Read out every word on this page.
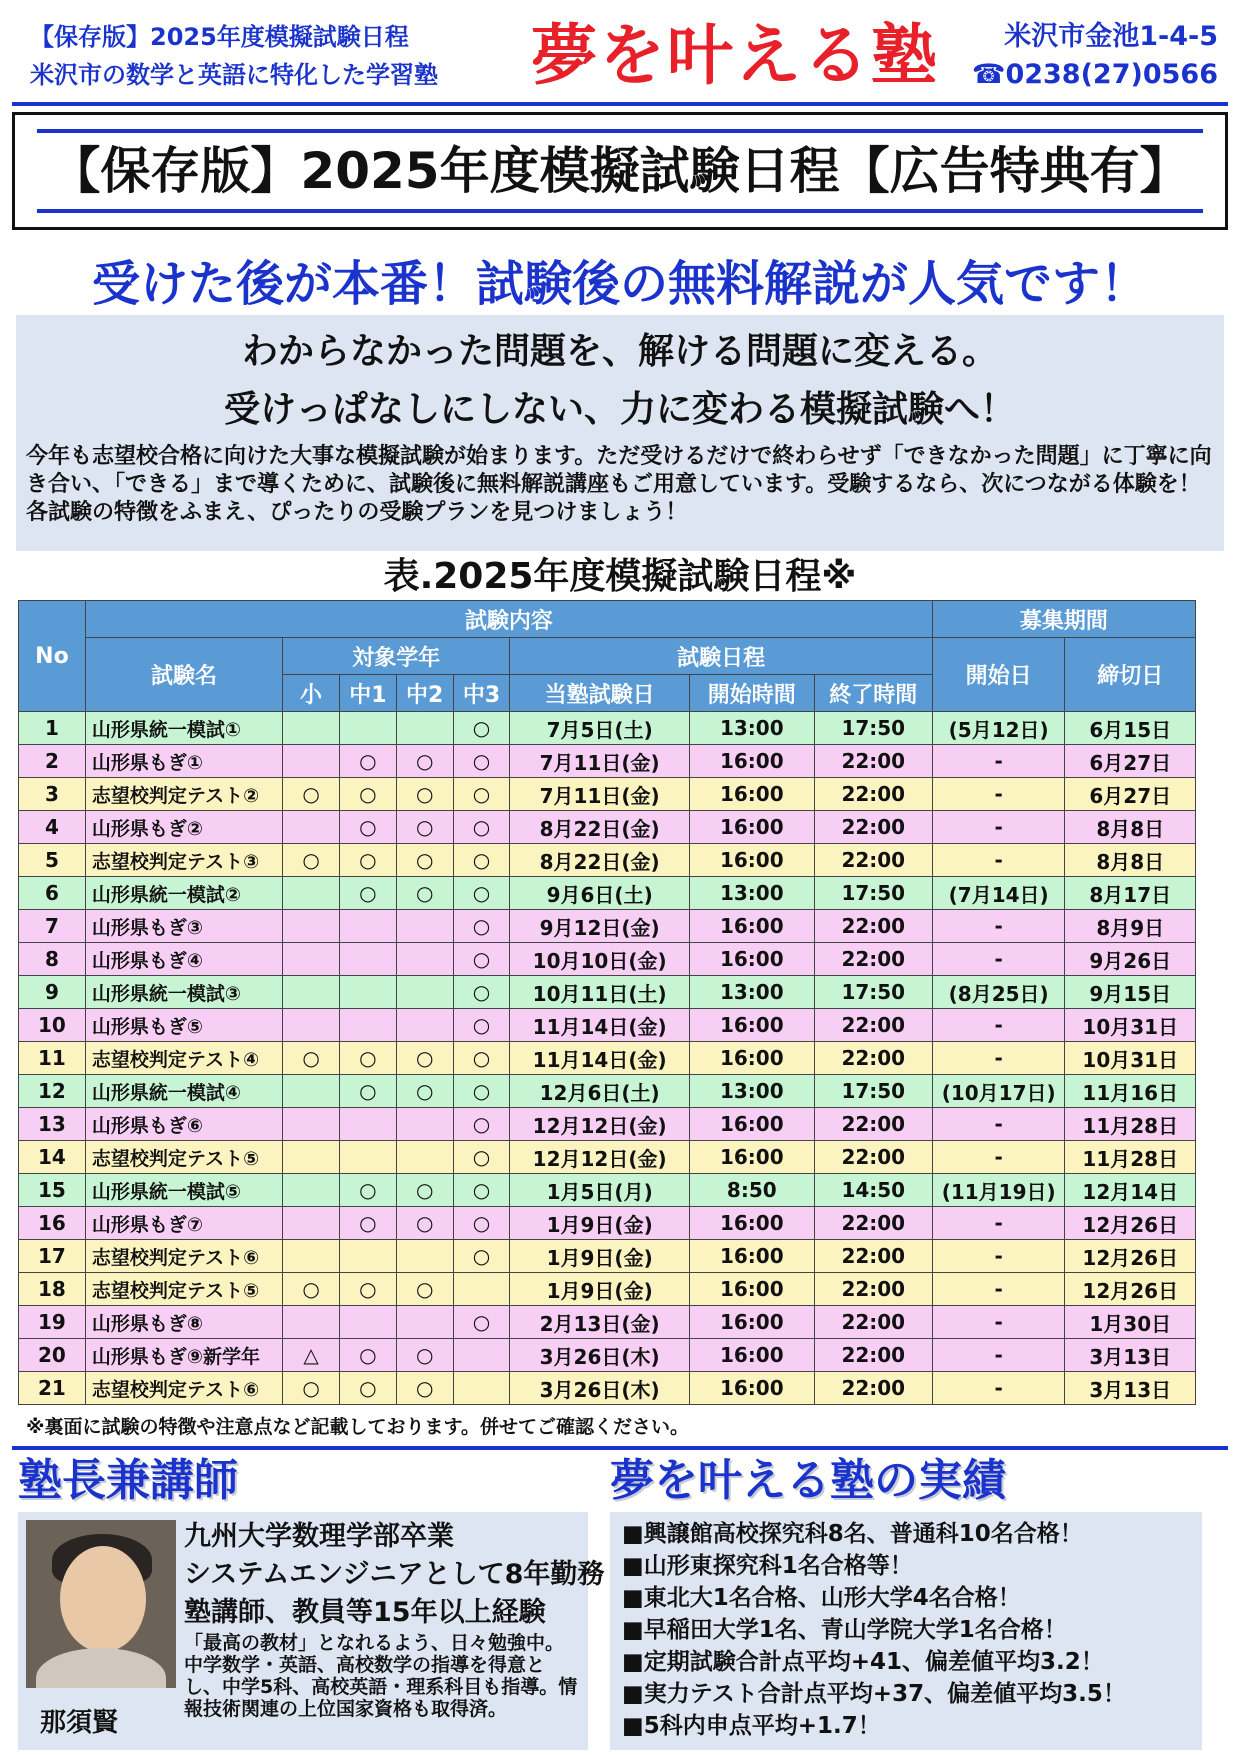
【保存版】2025年度模擬試験日程
米沢市の数学と英語に特化した学習塾	夢を叶える塾	米沢市金池1-4-5
☎0238(27)0566
【保存版】2025年度模擬試験日程【広告特典有】
受けた後が本番！試験後の無料解説が人気です！
わからなかった問題を、解ける問題に変える。
受けっぱなしにしない、力に変わる模擬試験へ！
今年も志望校合格に向けた大事な模擬試験が始まります。ただ受けるだけで終わらせず「できなかった問題」に丁寧に向き合い、「できる」まで導くために、試験後に無料解説講座もご用意しています。受験するなら、次につながる体験を！各試験の特徴をふまえ、ぴったりの受験プランを見つけましょう！
表.2025年度模擬試験日程※
No	試験内容								募集期間	
	試験名	対象学年				試験日程			開始日	締切日
		小	中1	中2	中3	当塾試験日	開始時間	終了時間		
1	山形県統一模試①				○	7月5日(土)	13:00	17:50	(5月12日)	6月15日
2	山形県もぎ①		○	○	○	7月11日(金)	16:00	22:00	-	6月27日
3	志望校判定テスト②	○	○	○	○	7月11日(金)	16:00	22:00	-	6月27日
4	山形県もぎ②		○	○	○	8月22日(金)	16:00	22:00	-	8月8日
5	志望校判定テスト③	○	○	○	○	8月22日(金)	16:00	22:00	-	8月8日
6	山形県統一模試②		○	○	○	9月6日(土)	13:00	17:50	(7月14日)	8月17日
7	山形県もぎ③				○	9月12日(金)	16:00	22:00	-	8月9日
8	山形県もぎ④				○	10月10日(金)	16:00	22:00	-	9月26日
9	山形県統一模試③				○	10月11日(土)	13:00	17:50	(8月25日)	9月15日
10	山形県もぎ⑤				○	11月14日(金)	16:00	22:00	-	10月31日
11	志望校判定テスト④	○	○	○	○	11月14日(金)	16:00	22:00	-	10月31日
12	山形県統一模試④		○	○	○	12月6日(土)	13:00	17:50	(10月17日)	11月16日
13	山形県もぎ⑥				○	12月12日(金)	16:00	22:00	-	11月28日
14	志望校判定テスト⑤				○	12月12日(金)	16:00	22:00	-	11月28日
15	山形県統一模試⑤		○	○	○	1月5日(月)	8:50	14:50	(11月19日)	12月14日
16	山形県もぎ⑦		○	○	○	1月9日(金)	16:00	22:00	-	12月26日
17	志望校判定テスト⑥				○	1月9日(金)	16:00	22:00	-	12月26日
18	志望校判定テスト⑤	○	○	○		1月9日(金)	16:00	22:00	-	12月26日
19	山形県もぎ⑧				○	2月13日(金)	16:00	22:00	-	1月30日
20	山形県もぎ⑨新学年	△	○	○		3月26日(木)	16:00	22:00	-	3月13日
21	志望校判定テスト⑥	○	○	○		3月26日(木)	16:00	22:00	-	3月13日
※裏面に試験の特徴や注意点など記載しております。併せてご確認ください。
塾長兼講師	夢を叶える塾の実績
那須賢
九州大学数理学部卒業
システムエンジニアとして8年勤務
塾講師、教員等15年以上経験
「最高の教材」となれるよう、日々勉強中。中学数学・英語、高校数学の指導を得意とし、中学5科、高校英語・理系科目も指導。情報技術関連の上位国家資格も取得済。
■興譲館高校探究科8名、普通科10名合格！
■山形東探究科1名合格等！
■東北大1名合格、山形大学4名合格！
■早稲田大学1名、青山学院大学1名合格！
■定期試験合計点平均+41、偏差値平均3.2！
■実力テスト合計点平均+37、偏差値平均3.5！
■5科内申点平均+1.7！
